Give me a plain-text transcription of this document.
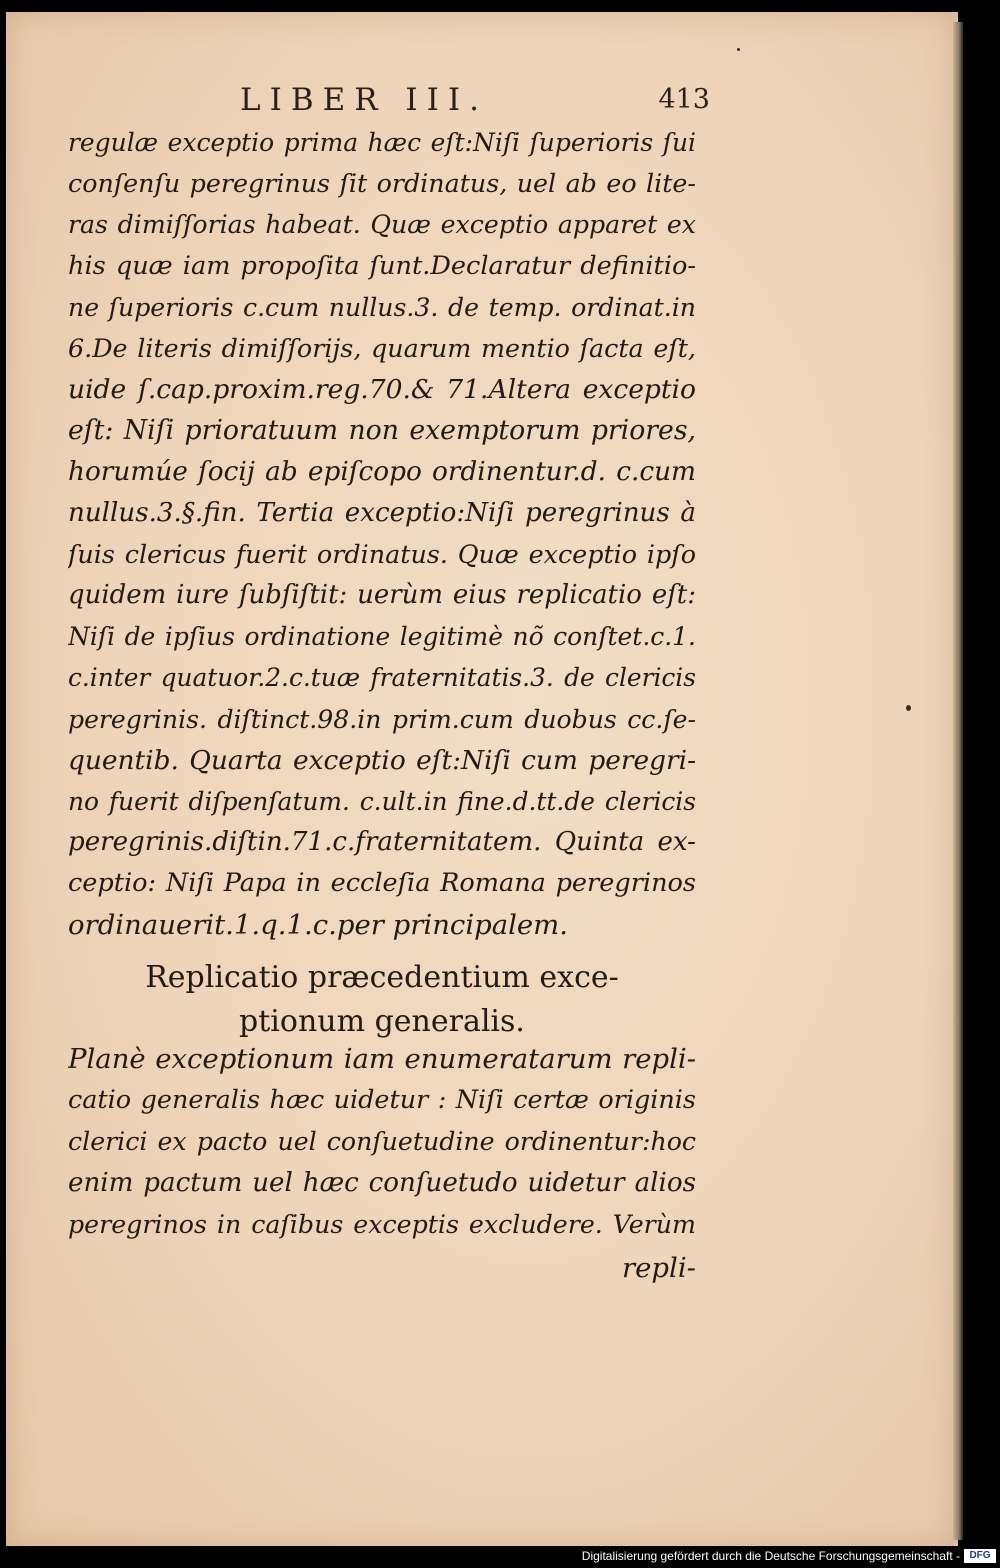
LIBER III.	413
regulæ exceptio prima hæc eſt:Niſi ſuperioris ſui
conſenſu peregrinus ſit ordinatus, uel ab eo lite-
ras dimiſſorias habeat. Quæ exceptio apparet ex
his quæ iam propoſita ſunt.Declaratur definitio-
ne ſuperioris c.cum nullus.3. de temp. ordinat.in
6.De literis dimiſſorijs, quarum mentio ſacta eſt,
uide ſ.cap.proxim.reg.70.& 71.Altera exceptio
eſt: Niſi prioratuum non exemptorum priores,
horumúe ſocij ab epiſcopo ordinentur.d. c.cum
nullus.3.§.fin. Tertia exceptio:Niſi peregrinus à
ſuis clericus fuerit ordinatus. Quæ exceptio ipſo
quidem iure ſubſiſtit: uerùm eius replicatio eſt:
Niſi de ipſius ordinatione legitimè nõ conſtet.c.1.
c.inter quatuor.2.c.tuæ fraternitatis.3. de clericis
peregrinis. diſtinct.98.in prim.cum duobus cc.ſe-
quentib. Quarta exceptio eſt:Niſi cum peregri-
no fuerit diſpenſatum. c.ult.in fine.d.tt.de clericis
peregrinis.diſtin.71.c.fraternitatem. Quinta ex-
ceptio: Niſi Papa in eccleſia Romana peregrinos
ordinauerit.1.q.1.c.per principalem.
Replicatio præcedentium exce-
ptionum generalis.
Planè exceptionum iam enumeratarum repli-
catio generalis hæc uidetur : Niſi certæ originis
clerici ex pacto uel conſuetudine ordinentur:hoc
enim pactum uel hæc conſuetudo uidetur alios
peregrinos in caſibus exceptis excludere. Verùm
repli-
Digitalisierung gefördert durch die Deutsche Forschungsgemeinschaft - DFG
